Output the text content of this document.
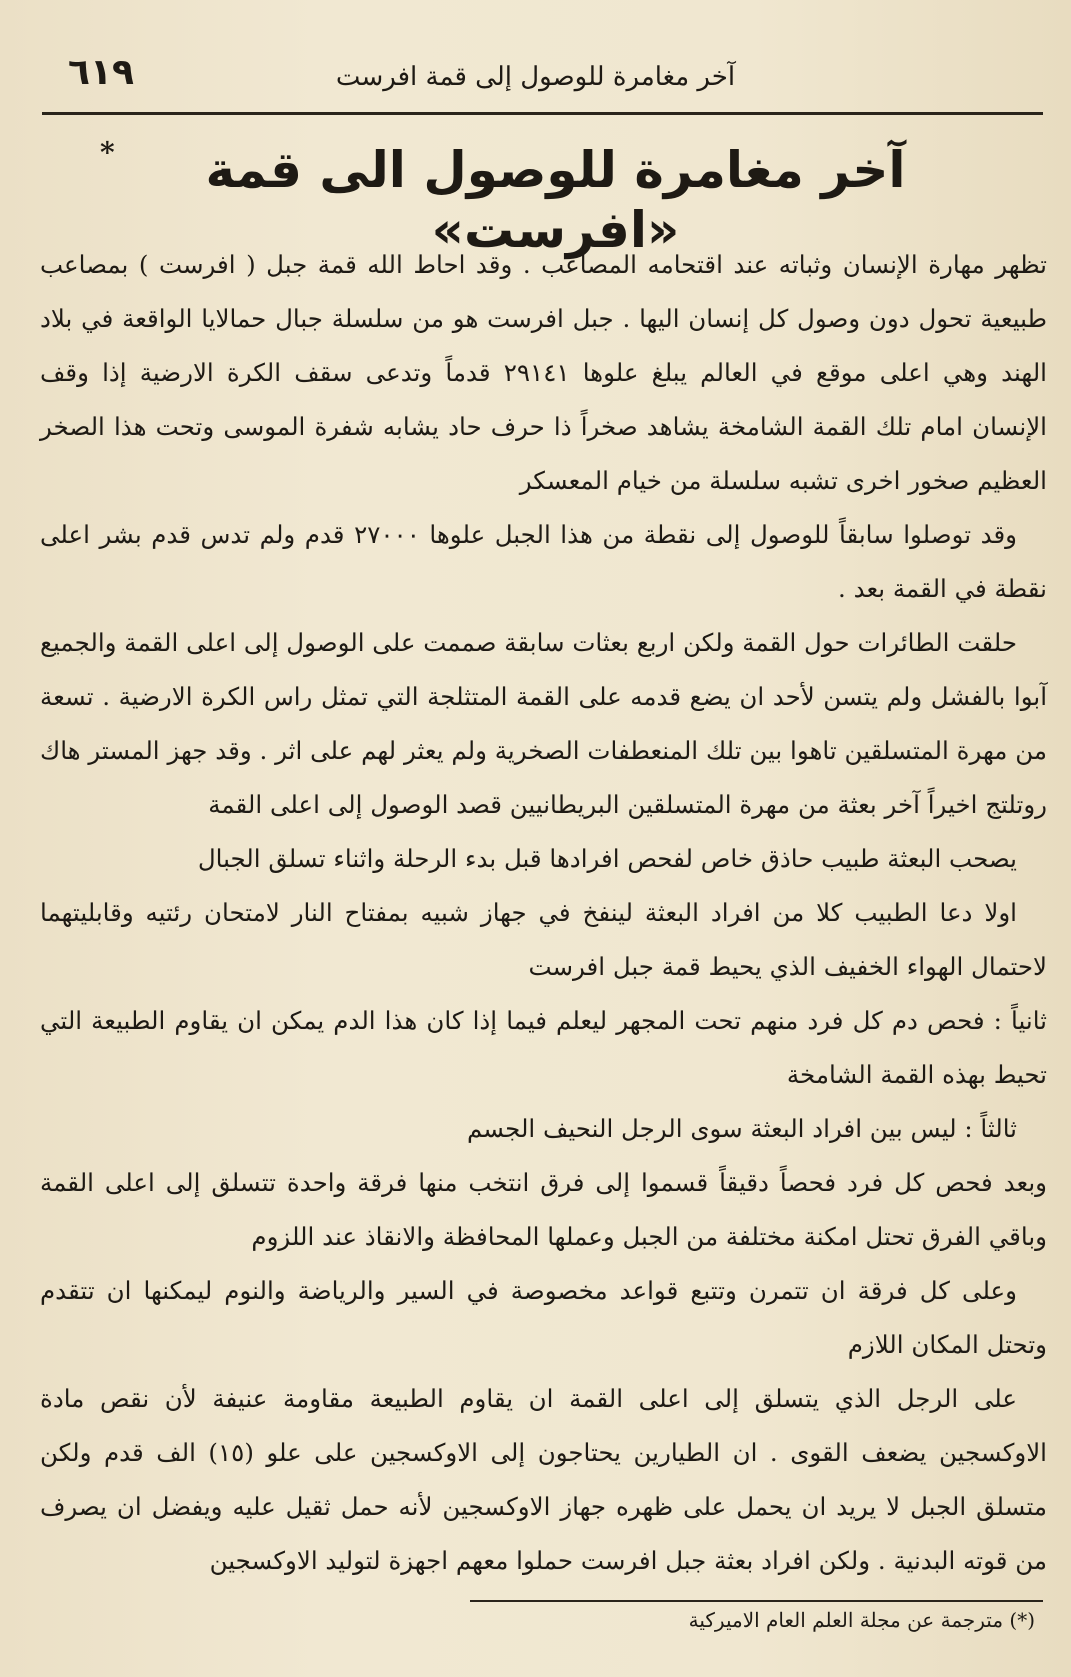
٦١٩	آخر مغامرة للوصول إلى قمة افرست
*	آخر مغامرة للوصول الى قمة «افرست»

تظهر مهارة الإنسان وثباته عند اقتحامه المصاعب . وقد احاط الله قمة جبل ( افرست ) بمصاعب طبيعية تحول دون وصول كل إنسان اليها . جبل افرست هو من سلسلة جبال حمالايا الواقعة في بلاد الهند وهي اعلى موقع في العالم يبلغ علوها ٢٩١٤١ قدماً وتدعى سقف الكرة الارضية إذا وقف الإنسان امام تلك القمة الشامخة يشاهد صخراً ذا حرف حاد يشابه شفرة الموسى وتحت هذا الصخر العظيم صخور اخرى تشبه سلسلة من خيام المعسكر

وقد توصلوا سابقاً للوصول إلى نقطة من هذا الجبل علوها ٢٧٠٠٠ قدم ولم تدس قدم بشر اعلى نقطة في القمة بعد .

حلقت الطائرات حول القمة ولكن اربع بعثات سابقة صممت على الوصول إلى اعلى القمة والجميع آبوا بالفشل ولم يتسن لأحد ان يضع قدمه على القمة المتثلجة التي تمثل راس الكرة الارضية . تسعة من مهرة المتسلقين تاهوا بين تلك المنعطفات الصخرية ولم يعثر لهم على اثر . وقد جهز المستر هاك روتلتج اخيراً آخر بعثة من مهرة المتسلقين البريطانيين قصد الوصول إلى اعلى القمة

يصحب البعثة طبيب حاذق خاص لفحص افرادها قبل بدء الرحلة واثناء تسلق الجبال

اولا دعا الطبيب كلا من افراد البعثة لينفخ في جهاز شبيه بمفتاح النار لامتحان رئتيه وقابليتهما لاحتمال الهواء الخفيف الذي يحيط قمة جبل افرست

ثانياً : فحص دم كل فرد منهم تحت المجهر ليعلم فيما إذا كان هذا الدم يمكن ان يقاوم الطبيعة التي تحيط بهذه القمة الشامخة

ثالثاً : ليس بين افراد البعثة سوى الرجل النحيف الجسم

وبعد فحص كل فرد فحصاً دقيقاً قسموا إلى فرق انتخب منها فرقة واحدة تتسلق إلى اعلى القمة وباقي الفرق تحتل امكنة مختلفة من الجبل وعملها المحافظة والانقاذ عند اللزوم

وعلى كل فرقة ان تتمرن وتتبع قواعد مخصوصة في السير والرياضة والنوم ليمكنها ان تتقدم وتحتل المكان اللازم

على الرجل الذي يتسلق إلى اعلى القمة ان يقاوم الطبيعة مقاومة عنيفة لأن نقص مادة الاوكسجين يضعف القوى . ان الطيارين يحتاجون إلى الاوكسجين على علو (١٥) الف قدم ولكن متسلق الجبل لا يريد ان يحمل على ظهره جهاز الاوكسجين لأنه حمل ثقيل عليه ويفضل ان يصرف من قوته البدنية . ولكن افراد بعثة جبل افرست حملوا معهم اجهزة لتوليد الاوكسجين

(*) مترجمة عن مجلة العلم العام الاميركية
